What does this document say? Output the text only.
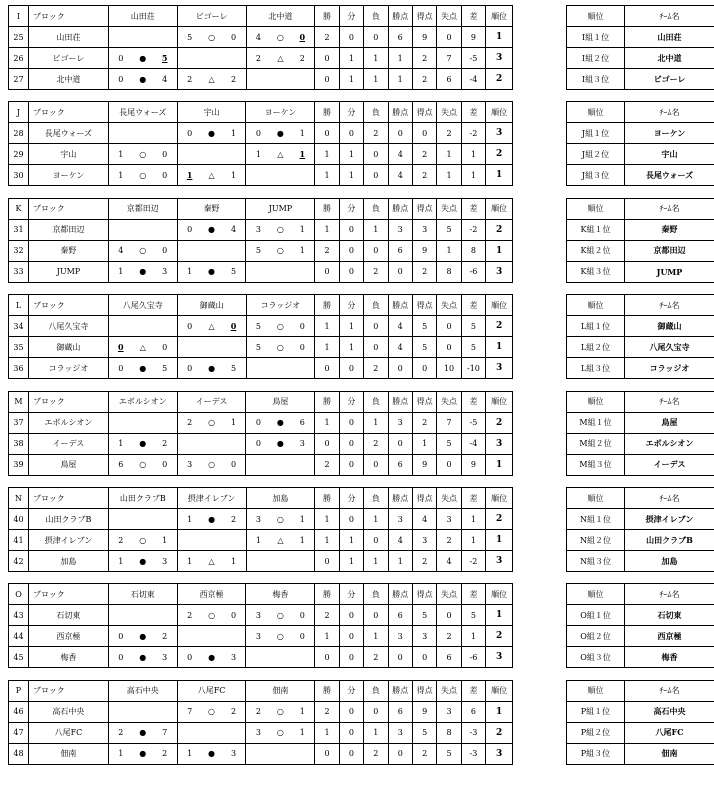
I	ブロック	山田荘			ビゴーレ			北中道			勝	分	負	勝点	得点	失点	差	順位
25	山田荘				5	○	0	4	○	0	2	0	0	6	9	0	9	1
26	ビゴーレ	0	●	5				2	△	2	0	1	1	1	2	7	-5	3
27	北中道	0	●	4	2	△	2				0	1	1	1	2	6	-4	2
順位	ﾁｰﾑ名
I組１位	山田荘
I組２位	北中道
I組３位	ビゴーレ
J	ブロック	長尾ウォーズ			宇山			ヨーケン			勝	分	負	勝点	得点	失点	差	順位
28	長尾ウォーズ				0	●	1	0	●	1	0	0	2	0	0	2	-2	3
29	宇山	1	○	0				1	△	1	1	1	0	4	2	1	1	2
30	ヨーケン	1	○	0	1	△	1				1	1	0	4	2	1	1	1
順位	ﾁｰﾑ名
J組１位	ヨーケン
J組２位	宇山
J組３位	長尾ウォーズ
K	ブロック	京都田辺			秦野			JUMP			勝	分	負	勝点	得点	失点	差	順位
31	京都田辺				0	●	4	3	○	1	1	0	1	3	3	5	-2	2
32	秦野	4	○	0				5	○	1	2	0	0	6	9	1	8	1
33	JUMP	1	●	3	1	●	5				0	0	2	0	2	8	-6	3
順位	ﾁｰﾑ名
K組１位	秦野
K組２位	京都田辺
K組３位	JUMP
L	ブロック	八尾久宝寺			御蔵山			コラッジオ			勝	分	負	勝点	得点	失点	差	順位
34	八尾久宝寺				0	△	0	5	○	0	1	1	0	4	5	0	5	2
35	御蔵山	0	△	0				5	○	0	1	1	0	4	5	0	5	1
36	コラッジオ	0	●	5	0	●	5				0	0	2	0	0	10	-10	3
順位	ﾁｰﾑ名
L組１位	御蔵山
L組２位	八尾久宝寺
L組３位	コラッジオ
M	ブロック	エボルシオン			イーデス			鳥屋			勝	分	負	勝点	得点	失点	差	順位
37	エボルシオン				2	○	1	0	●	6	1	0	1	3	2	7	-5	2
38	イーデス	1	●	2				0	●	3	0	0	2	0	1	5	-4	3
39	鳥屋	6	○	0	3	○	0				2	0	0	6	9	0	9	1
順位	ﾁｰﾑ名
M組１位	鳥屋
M組２位	エボルシオン
M組３位	イーデス
N	ブロック	山田クラブB			摂津イレブン			加島			勝	分	負	勝点	得点	失点	差	順位
40	山田クラブB				1	●	2	3	○	1	1	0	1	3	4	3	1	2
41	摂津イレブン	2	○	1				1	△	1	1	1	0	4	3	2	1	1
42	加島	1	●	3	1	△	1				0	1	1	1	2	4	-2	3
順位	ﾁｰﾑ名
N組１位	摂津イレブン
N組２位	山田クラブB
N組３位	加島
O	ブロック	石切東			西京極			梅香			勝	分	負	勝点	得点	失点	差	順位
43	石切東				2	○	0	3	○	0	2	0	0	6	5	0	5	1
44	西京極	0	●	2				3	○	0	1	0	1	3	3	2	1	2
45	梅香	0	●	3	0	●	3				0	0	2	0	0	6	-6	3
順位	ﾁｰﾑ名
O組１位	石切東
O組２位	西京極
O組３位	梅香
P	ブロック	高石中央			八尾FC			佃南			勝	分	負	勝点	得点	失点	差	順位
46	高石中央				7	○	2	2	○	1	2	0	0	6	9	3	6	1
47	八尾FC	2	●	7				3	○	1	1	0	1	3	5	8	-3	2
48	佃南	1	●	2	1	●	3				0	0	2	0	2	5	-3	3
順位	ﾁｰﾑ名
P組１位	高石中央
P組２位	八尾FC
P組３位	佃南
